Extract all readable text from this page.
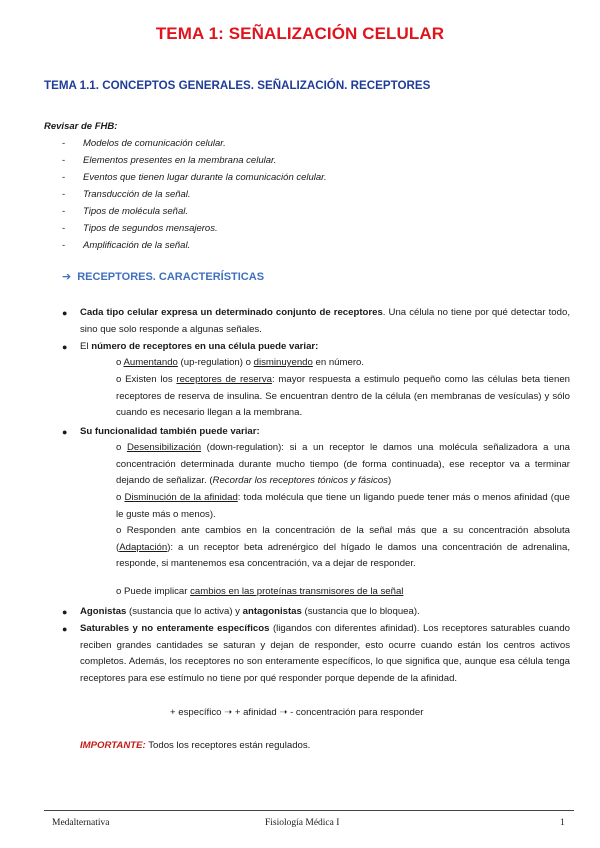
TEMA 1: SEÑALIZACIÓN CELULAR
TEMA 1.1. CONCEPTOS GENERALES. SEÑALIZACIÓN. RECEPTORES
Revisar de FHB:
- Modelos de comunicación celular.
- Elementos presentes en la membrana celular.
- Eventos que tienen lugar durante la comunicación celular.
- Transducción de la señal.
- Tipos de molécula señal.
- Tipos de segundos mensajeros.
- Amplificación de la señal.
➔ RECEPTORES. CARACTERÍSTICAS
● Cada tipo celular expresa un determinado conjunto de receptores. Una célula no tiene por qué detectar todo, sino que solo responde a algunas señales.
● El número de receptores en una célula puede variar:
o Aumentando (up-regulation) o disminuyendo en número.
o Existen los receptores de reserva: mayor respuesta a estimulo pequeño como las células beta tienen receptores de reserva de insulina. Se encuentran dentro de la célula (en membranas de vesículas) y sólo cuando es necesario llegan a la membrana.
● Su funcionalidad también puede variar:
o Desensibilización (down-regulation): si a un receptor le damos una molécula señalizadora a una concentración determinada durante mucho tiempo (de forma continuada), ese receptor va a terminar dejando de señalizar. (Recordar los receptores tónicos y fásicos)
o Disminución de la afinidad: toda molécula que tiene un ligando puede tener más o menos afinidad (que le guste más o menos).
o Responden ante cambios en la concentración de la señal más que a su concentración absoluta (Adaptación): a un receptor beta adrenérgico del hígado le damos una concentración de adrenalina, responde, si mantenemos esa concentración, va a dejar de responder.
o Puede implicar cambios en las proteínas transmisores de la señal
● Agonistas (sustancia que lo activa) y antagonistas (sustancia que lo bloquea).
● Saturables y no enteramente específicos (ligandos con diferentes afinidad). Los receptores saturables cuando reciben grandes cantidades se saturan y dejan de responder, esto ocurre cuando están los centros activos completos. Además, los receptores no son enteramente específicos, lo que significa que, aunque esa célula tenga receptores para ese estímulo no tiene por qué responder porque depende de la afinidad.
+ específico ➝ + afinidad ➝ - concentración para responder
IMPORTANTE: Todos los receptores están regulados.
Medalternativa	Fisiología Médica I	1
